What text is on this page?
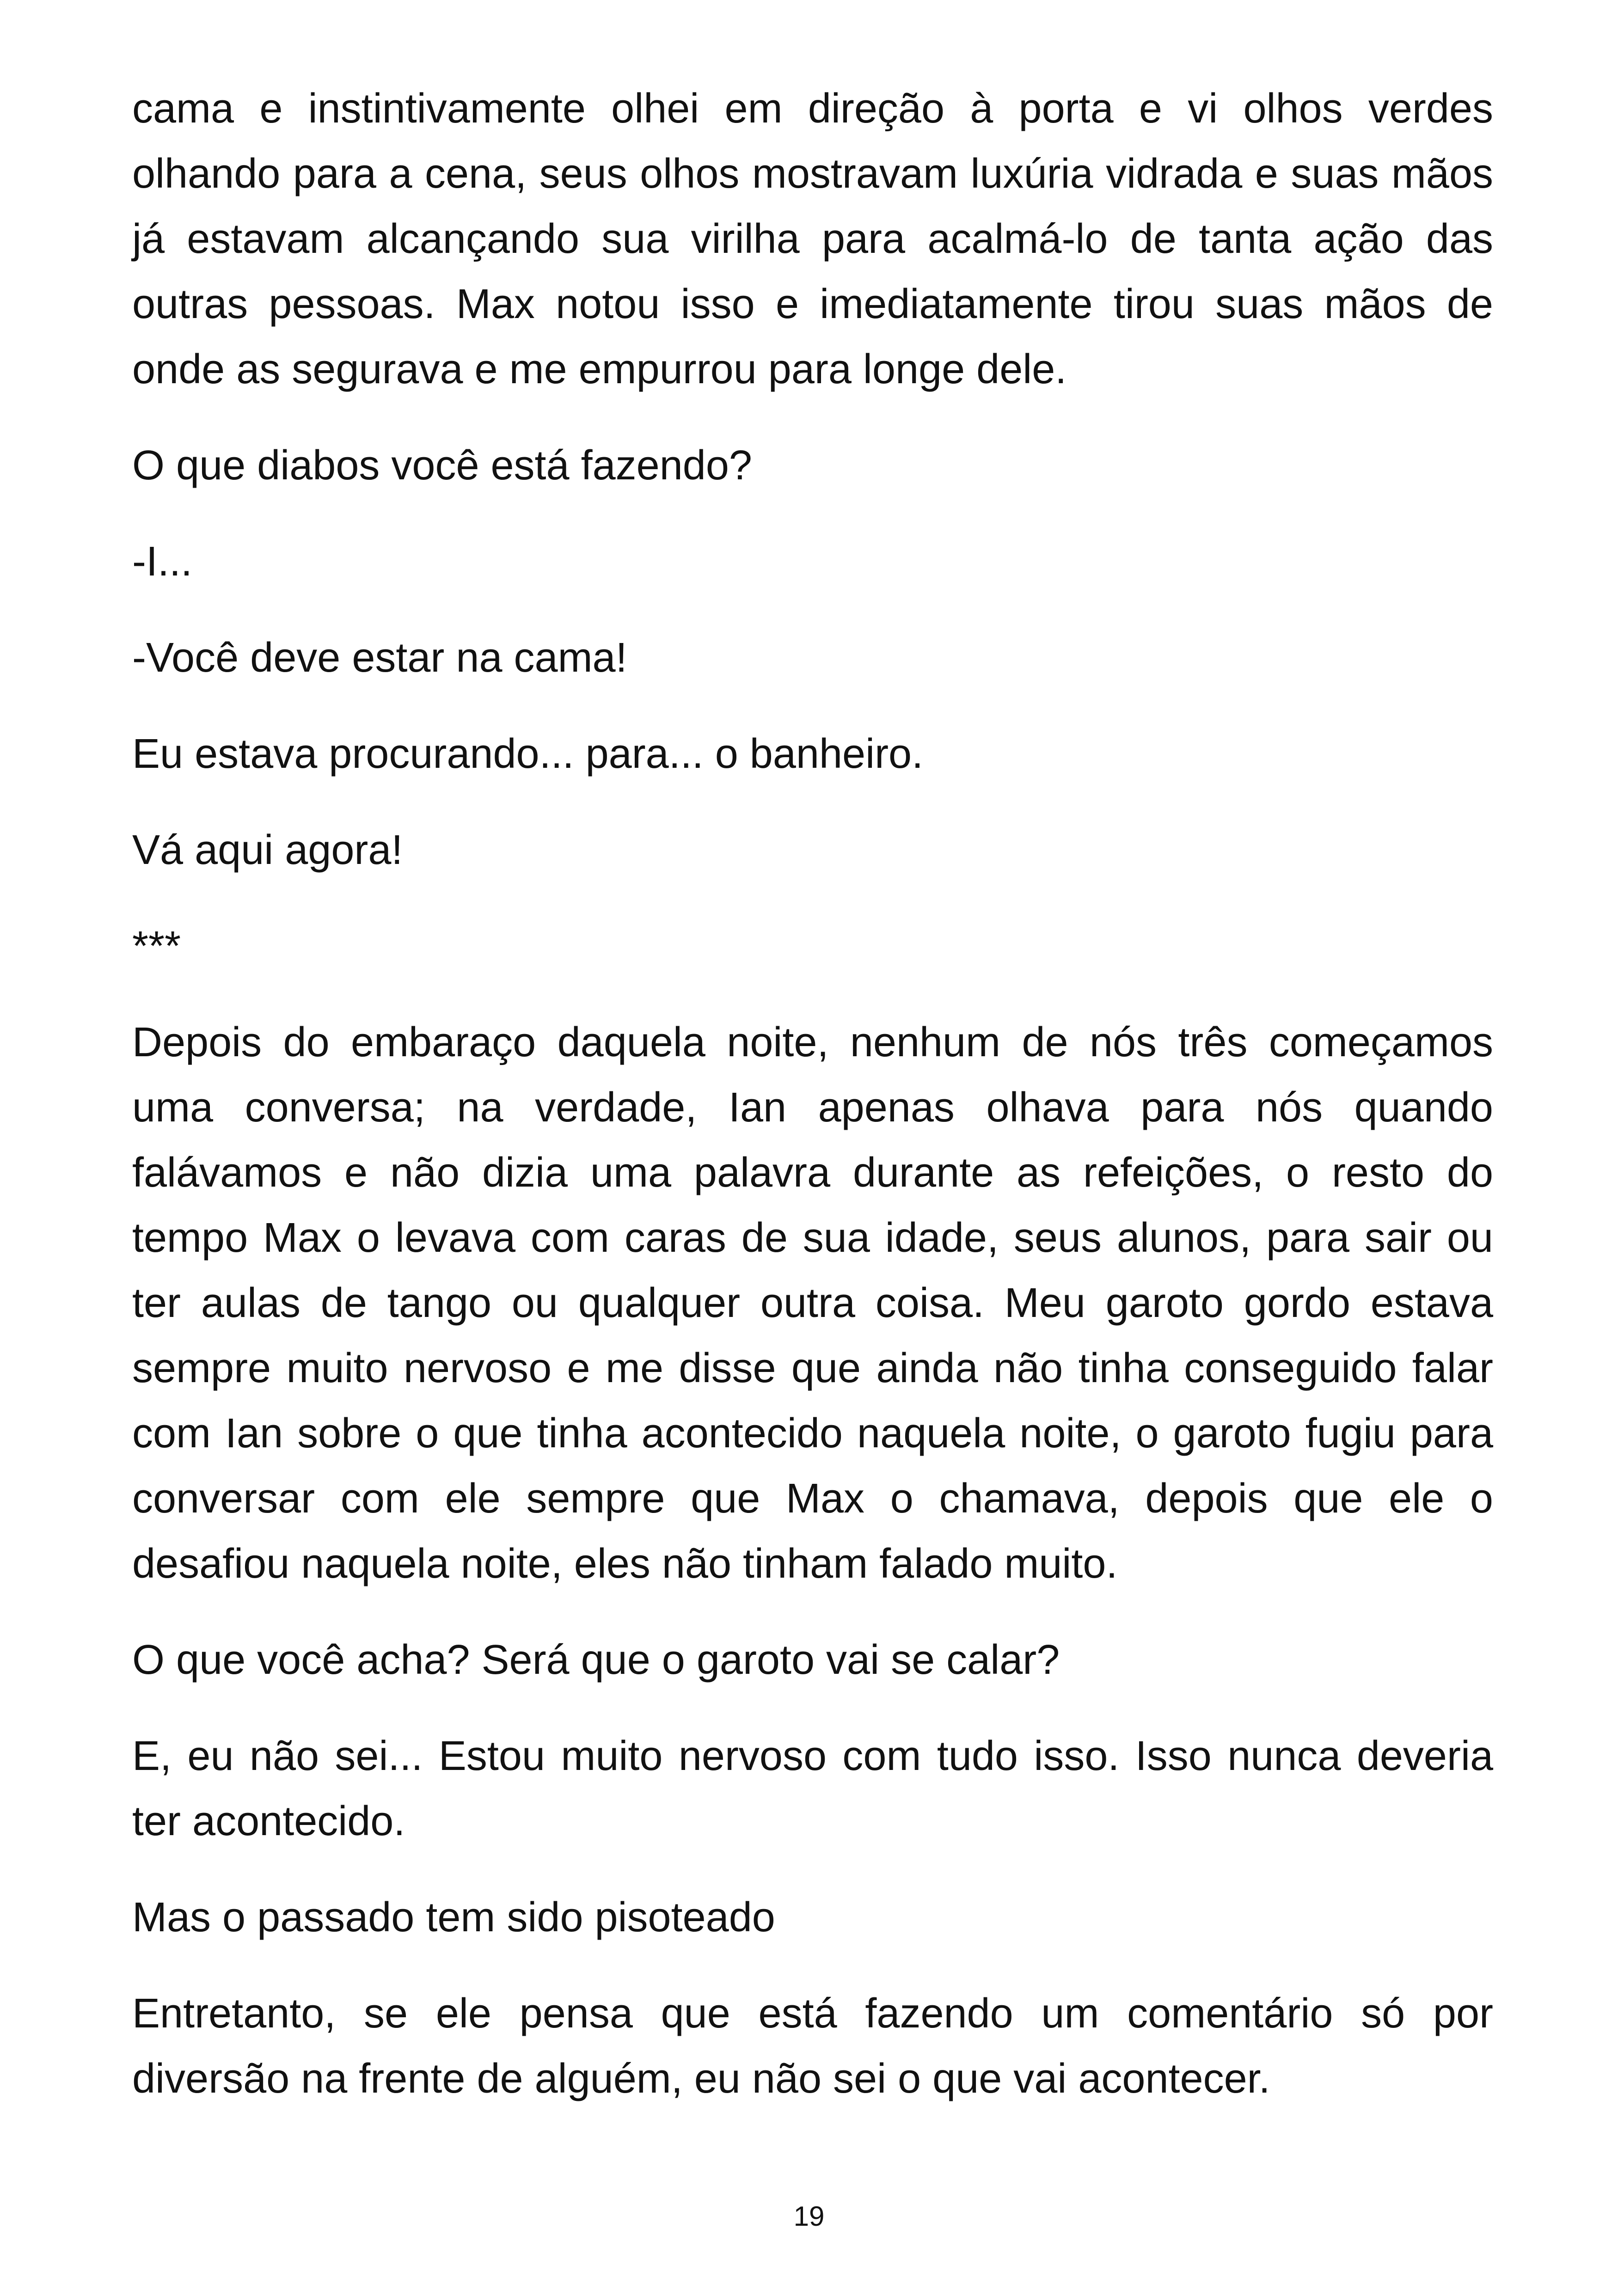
cama e instintivamente olhei em direção à porta e vi olhos verdes olhando para a cena, seus olhos mostravam luxúria vidrada e suas mãos já estavam alcançando sua virilha para acalmá-lo de tanta ação das outras pessoas. Max notou isso e imediatamente tirou suas mãos de onde as segurava e me empurrou para longe dele.

O que diabos você está fazendo?

-I...

-Você deve estar na cama!

Eu estava procurando... para... o banheiro.

Vá aqui agora!

***

Depois do embaraço daquela noite, nenhum de nós três começamos uma conversa; na verdade, Ian apenas olhava para nós quando falávamos e não dizia uma palavra durante as refeições, o resto do tempo Max o levava com caras de sua idade, seus alunos, para sair ou ter aulas de tango ou qualquer outra coisa. Meu garoto gordo estava sempre muito nervoso e me disse que ainda não tinha conseguido falar com Ian sobre o que tinha acontecido naquela noite, o garoto fugiu para conversar com ele sempre que Max o chamava, depois que ele o desafiou naquela noite, eles não tinham falado muito.

O que você acha? Será que o garoto vai se calar?

E, eu não sei... Estou muito nervoso com tudo isso. Isso nunca deveria ter acontecido.

Mas o passado tem sido pisoteado

Entretanto, se ele pensa que está fazendo um comentário só por diversão na frente de alguém, eu não sei o que vai acontecer.

19
